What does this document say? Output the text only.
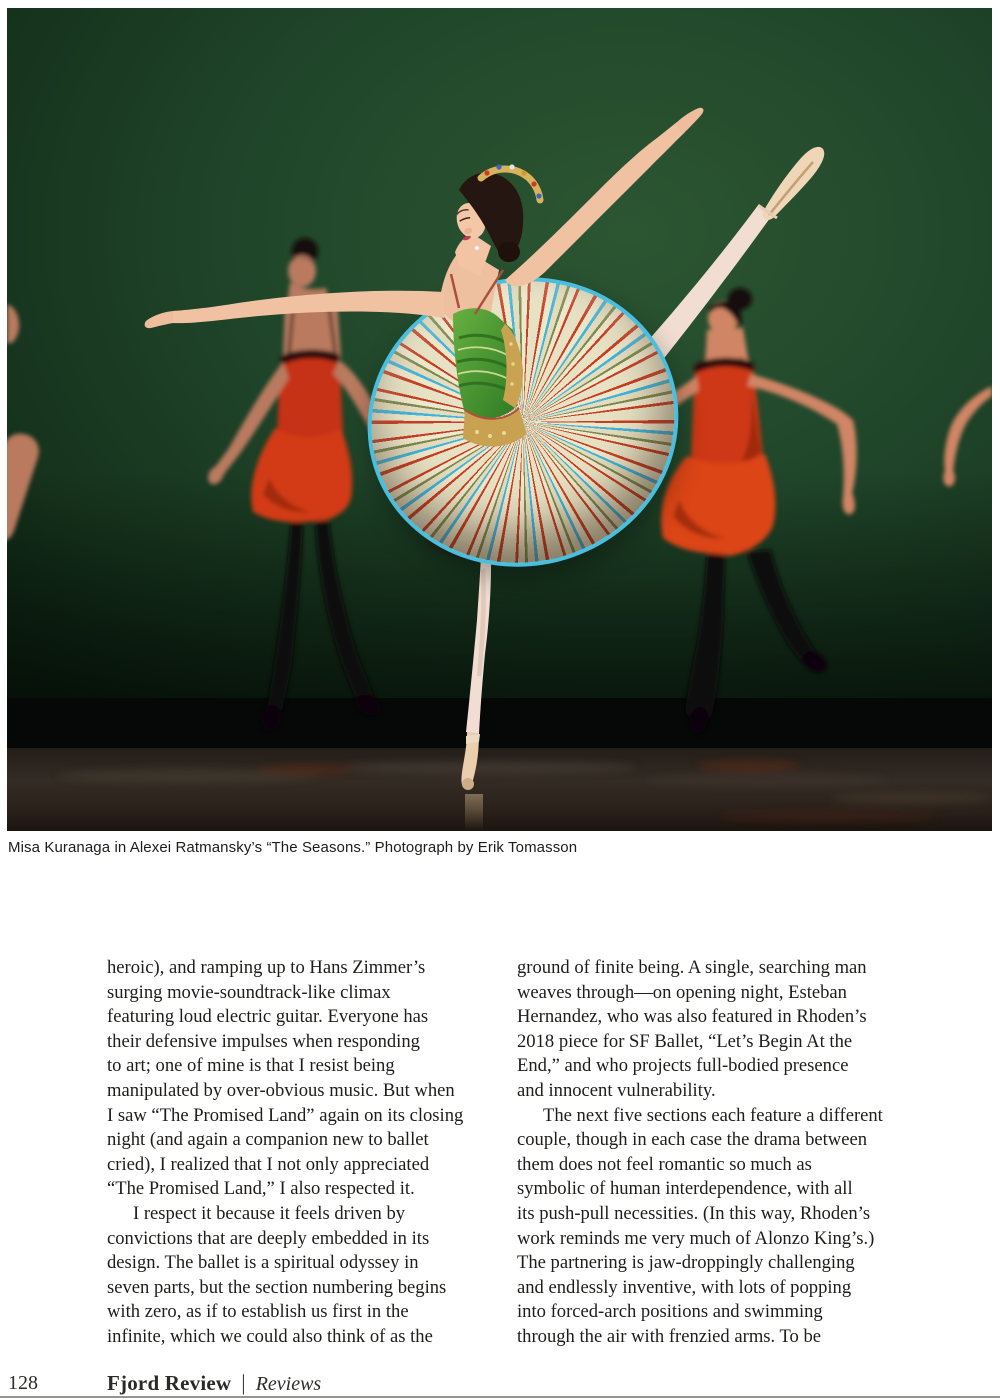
Misa Kuranaga in Alexei Ratmansky’s “The Seasons.” Photograph by Erik Tomasson
heroic), and ramping up to Hans Zimmer’s
surging movie-soundtrack-like climax
featuring loud electric guitar. Everyone has
their defensive impulses when responding
to art; one of mine is that I resist being
manipulated by over-obvious music. But when
I saw “The Promised Land” again on its closing
night (and again a companion new to ballet
cried), I realized that I not only appreciated
“The Promised Land,” I also respected it.
I respect it because it feels driven by
convictions that are deeply embedded in its
design. The ballet is a spiritual odyssey in
seven parts, but the section numbering begins
with zero, as if to establish us first in the
infinite, which we could also think of as the
ground of finite being. A single, searching man
weaves through—on opening night, Esteban
Hernandez, who was also featured in Rhoden’s
2018 piece for SF Ballet, “Let’s Begin At the
End,” and who projects full-bodied presence
and innocent vulnerability.
The next five sections each feature a different
couple, though in each case the drama between
them does not feel romantic so much as
symbolic of human interdependence, with all
its push-pull necessities. (In this way, Rhoden’s
work reminds me very much of Alonzo King’s.)
The partnering is jaw-droppingly challenging
and endlessly inventive, with lots of popping
into forced-arch positions and swimming
through the air with frenzied arms. To be
128	Fjord Review | Reviews
